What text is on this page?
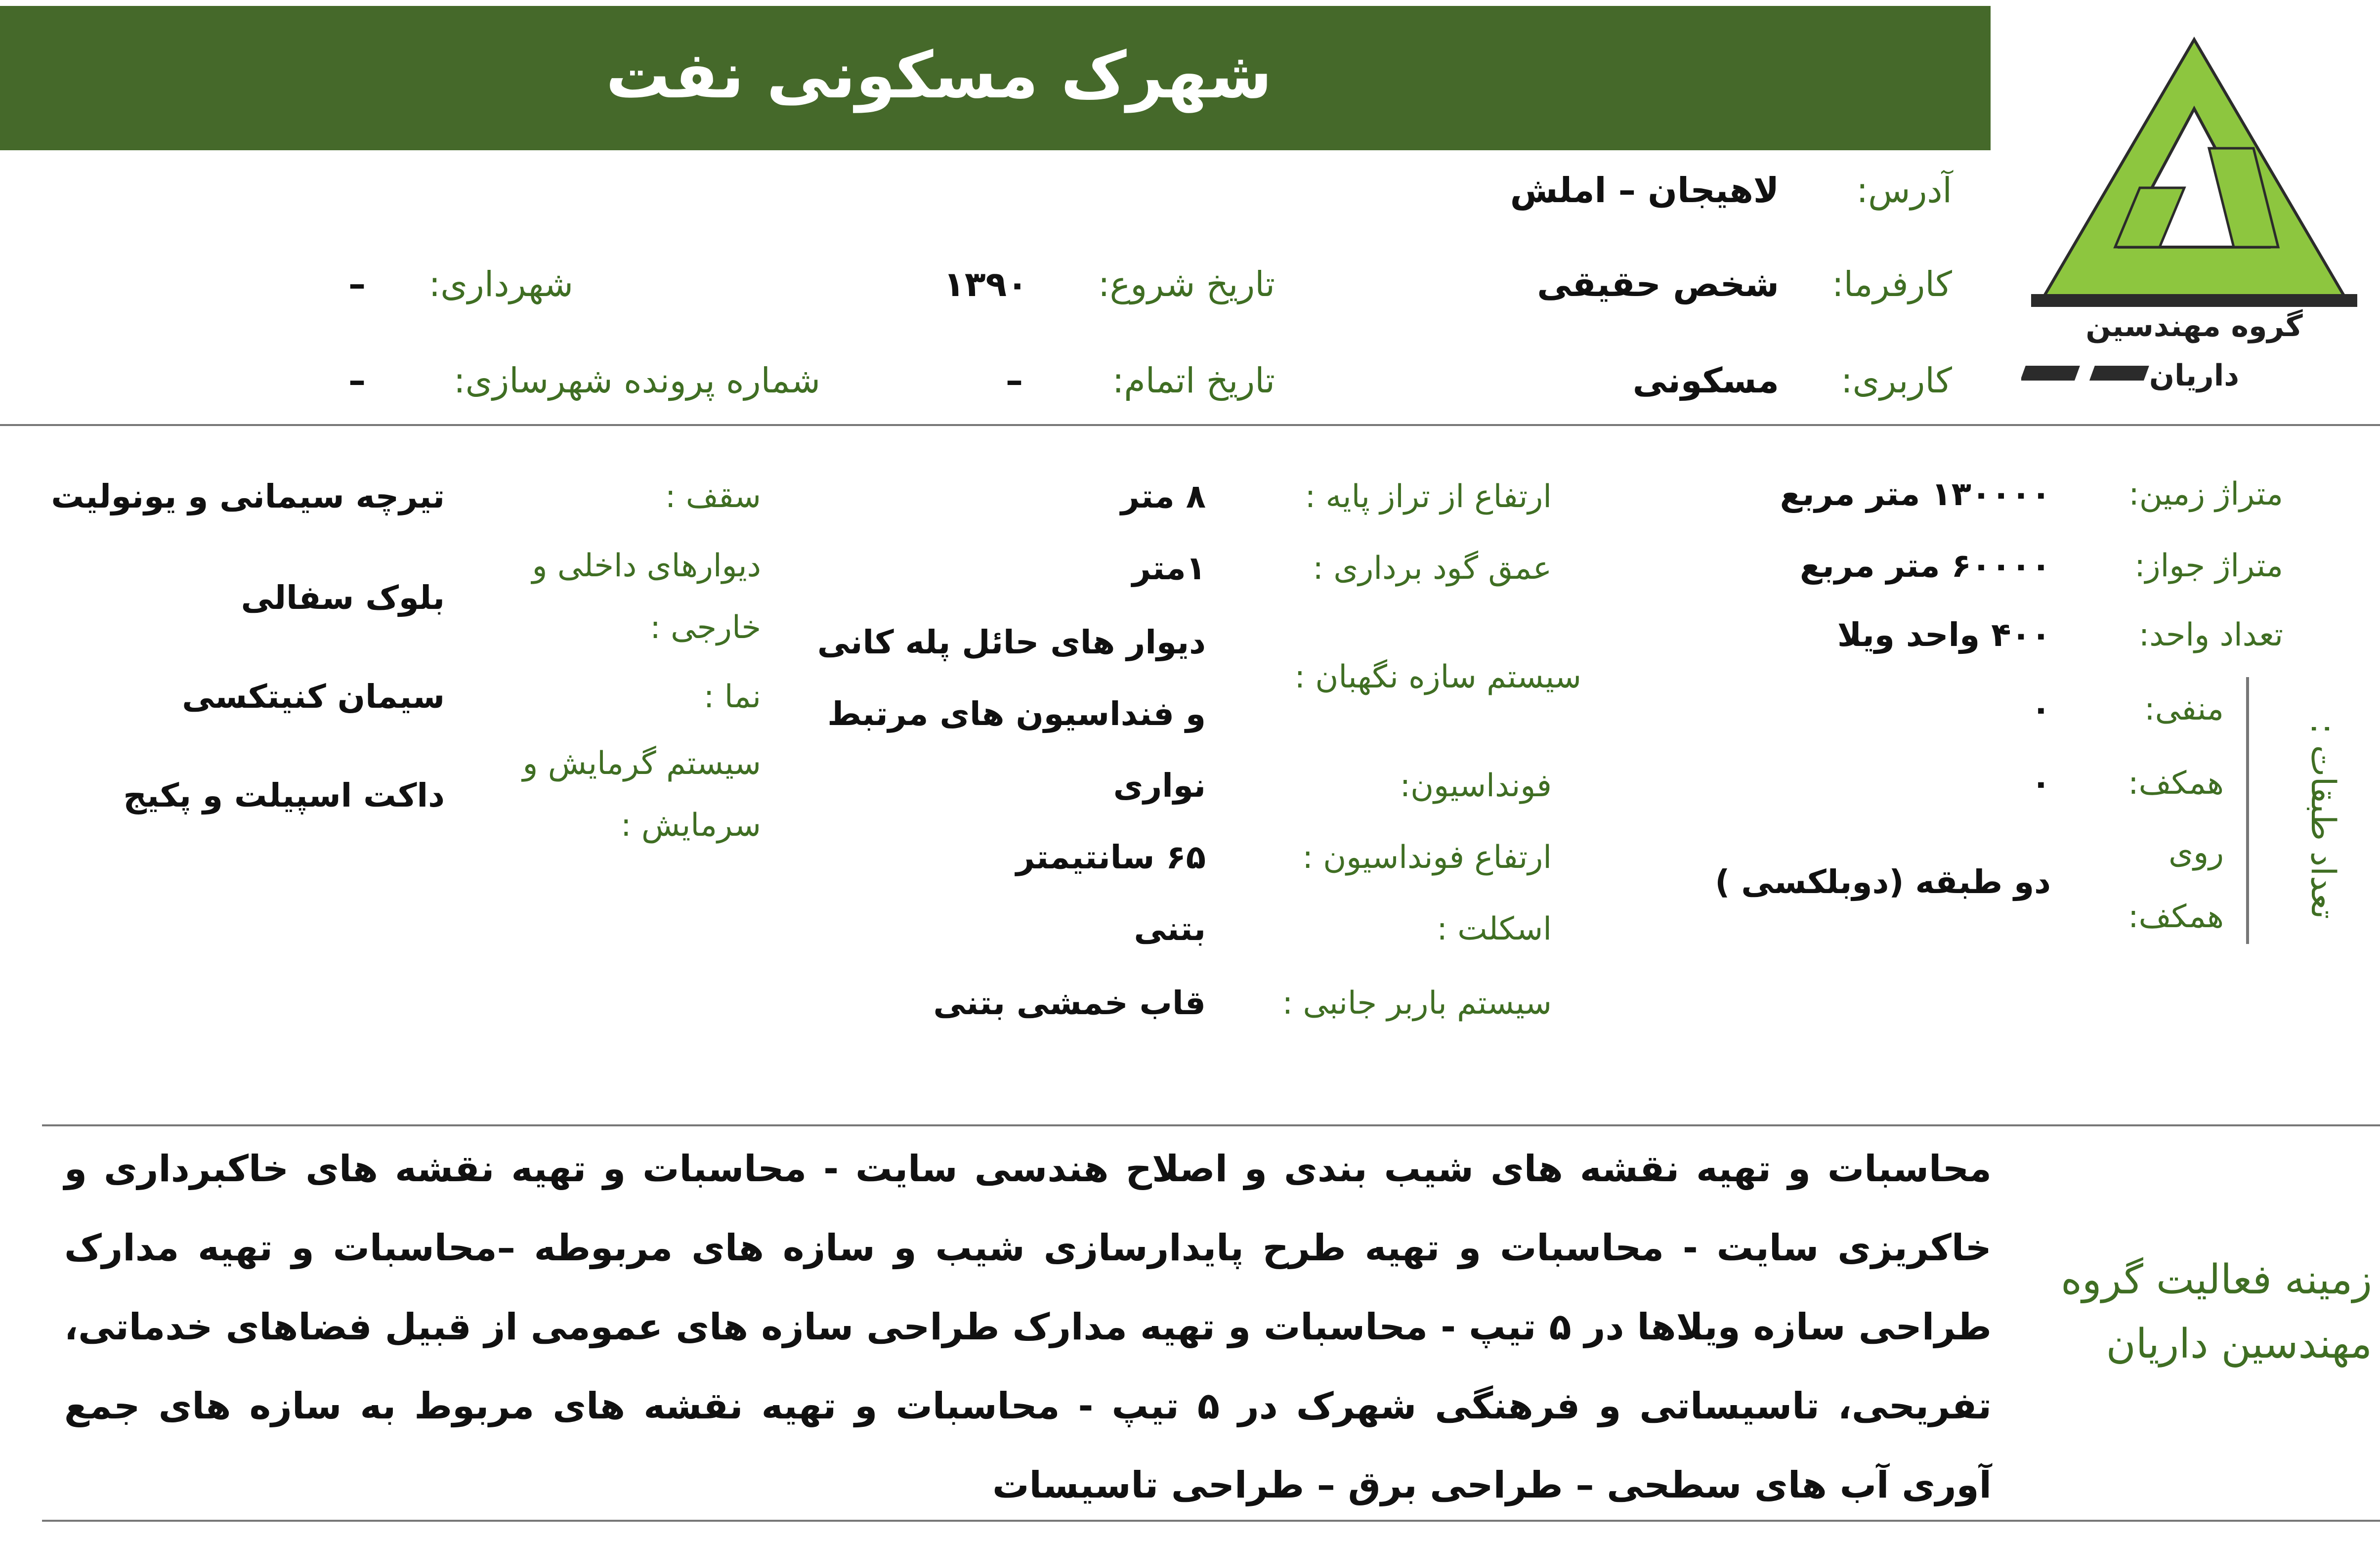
شهرک مسکونی نفت
گروه مهندسین داریان
آدرس:
لاهیجان – املش
کارفرما:
شخص حقیقی
کاربری:
مسکونی
تاریخ شروع:
۱۳۹۰
تاریخ اتمام:
–
شهرداری:
–
شماره پرونده شهرسازی:
–
متراژ زمین:
۱۳۰۰۰۰ متر مربع
متراژ جواز:
۶۰۰۰۰ متر مربع
تعداد واحد:
۴۰۰ واحد ویلا
تعداد طبقات :
منفی:
۰
همکف:
۰
روی
همکف:
دو طبقه (دوبلکسی )
ارتفاع از تراز پایه :
۸ متر
عمق گود برداری :
۱متر
سیستم سازه نگهبان :
دیوار های حائل پله کانی
و فنداسیون های مرتبط
فونداسیون:
نواری
ارتفاع فونداسیون :
۶۵ سانتیمتر
اسکلت :
بتنی
سیستم باربر جانبی :
قاب خمشی بتنی
سقف :
تیرچه سیمانی و یونولیت
دیوارهای داخلی و
خارجی :
بلوک سفالی
نما :
سیمان کنیتکسی
سیستم گرمایش و
سرمایش :
داکت اسپیلت و پکیج
زمینه فعالیت گروه مهندسین داریان
محاسبات و تهیه نقشه های شیب بندی و اصلاح هندسی سایت - محاسبات و تهیه نقشه های خاکبرداری و خاکریزی سایت - محاسبات و تهیه طرح پایدارسازی شیب و سازه های مربوطه –محاسبات و تهیه مدارک طراحی سازه ویلاها در ۵ تیپ - محاسبات و تهیه مدارک طراحی سازه های عمومی از قبیل فضاهای خدماتی، تفریحی، تاسیساتی و فرهنگی شهرک در ۵ تیپ - محاسبات و تهیه نقشه های مربوط به سازه های جمع آوری آب های سطحی – طراحی برق – طراحی تاسیسات
